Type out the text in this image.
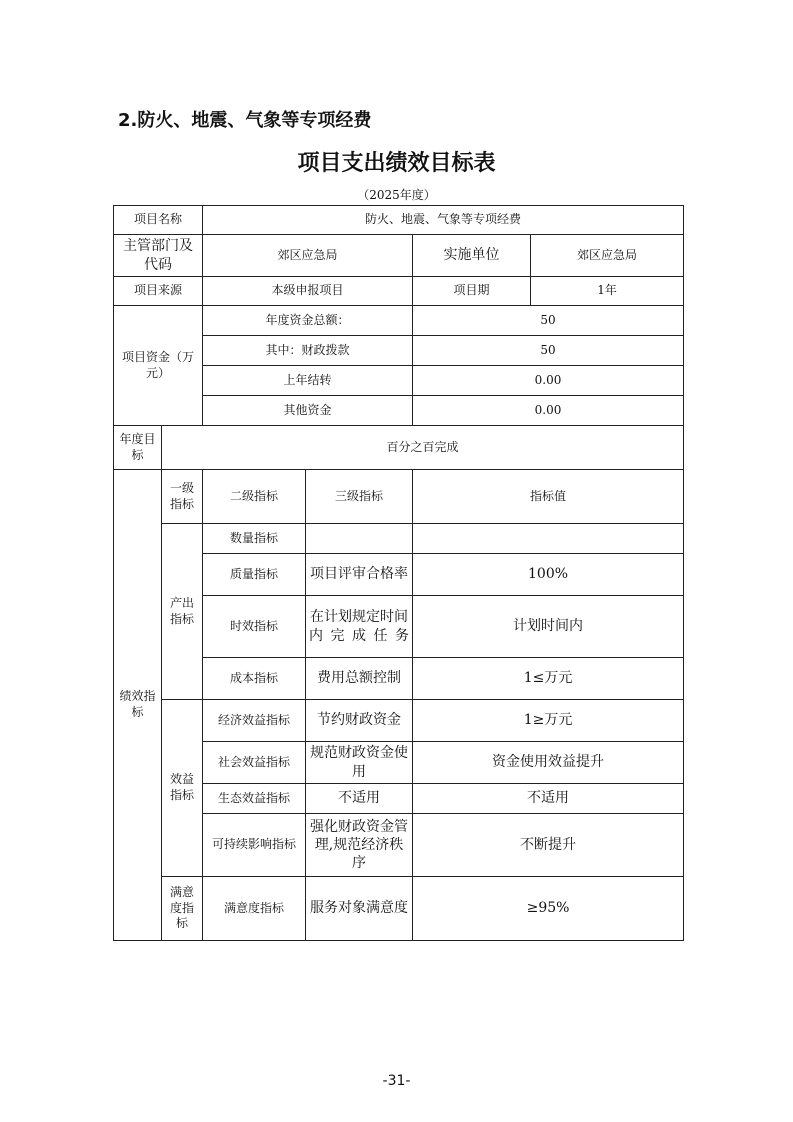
2.防火、地震、气象等专项经费
项目支出绩效目标表
（2025年度）
项目名称		防火、地震、气象等专项经费			
主管部门及代码		郊区应急局		实施单位	郊区应急局
项目来源		本级申报项目		项目期	1年
项目资金（万元）		年度资金总额：		50	
		其中：财政拨款		50	
		上年结转		0.00	
		其他资金		0.00	
年度目标	百分之百完成				
绩效指标	一级指标	二级指标	三级指标	指标值	
	产出指标	数量指标			
		质量指标	项目评审合格率	100%	
		时效指标	在计划规定时间内完成任务	计划时间内	
		成本指标	费用总额控制	1≤万元	
	效益指标	经济效益指标	节约财政资金	1≥万元	
		社会效益指标	规范财政资金使用	资金使用效益提升	
		生态效益指标	不适用	不适用	
		可持续影响指标	强化财政资金管理,规范经济秩序	不断提升	
	满意度指标	满意度指标	服务对象满意度	≥95%	
-31-
